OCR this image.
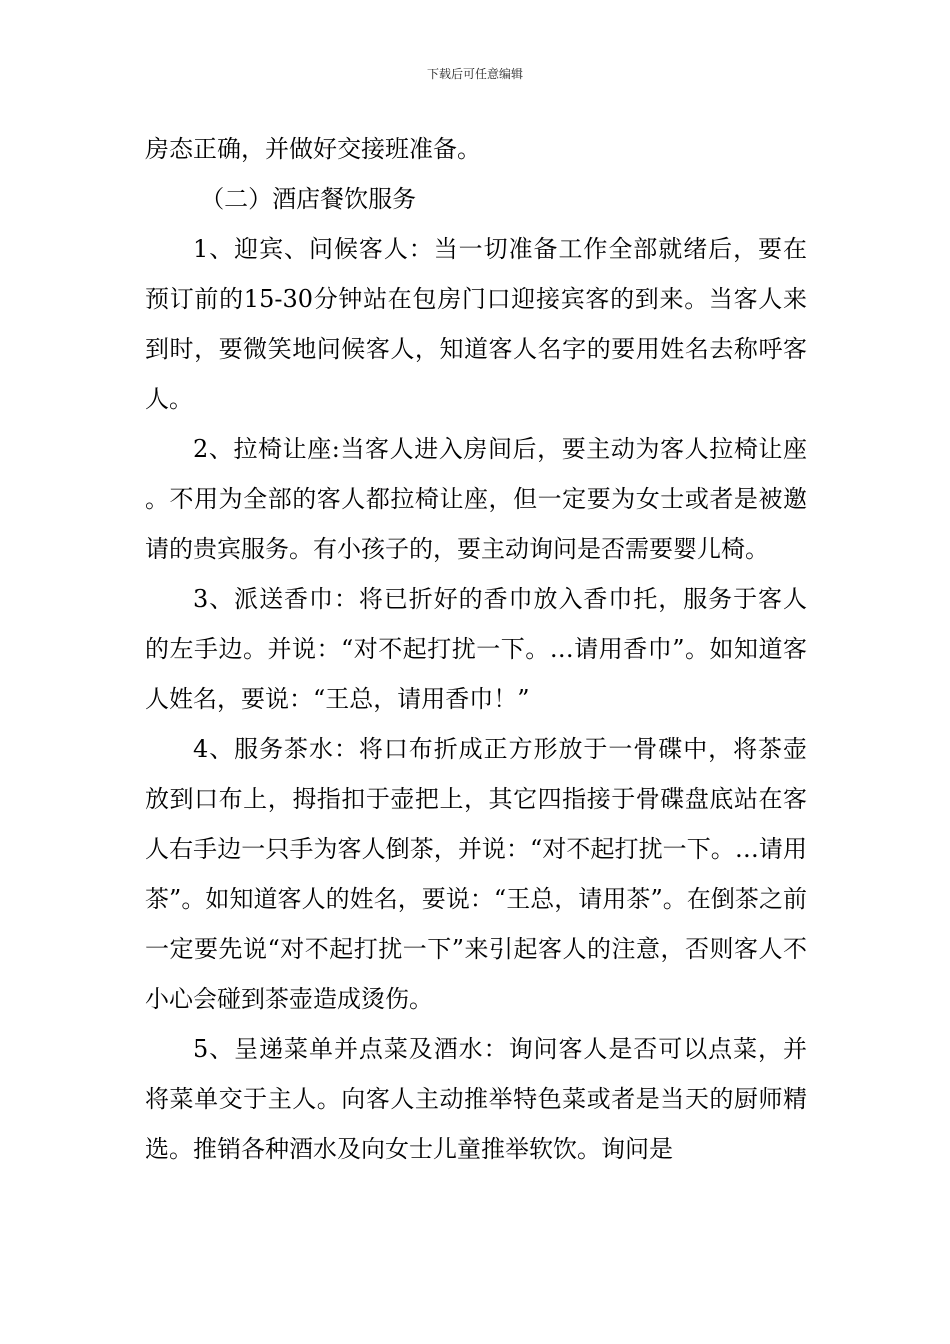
下载后可任意编辑

房态正确，并做好交接班准备。

（二）酒店餐饮服务

1、迎宾、问候客人：当一切准备工作全部就绪后，要在预订前的15-30分钟站在包房门口迎接宾客的到来。当客人来到时，要微笑地问候客人，知道客人名字的要用姓名去称呼客人。

2、拉椅让座:当客人进入房间后，要主动为客人拉椅让座。不用为全部的客人都拉椅让座，但一定要为女士或者是被邀请的贵宾服务。有小孩子的，要主动询问是否需要婴儿椅。

3、派送香巾：将已折好的香巾放入香巾托，服务于客人的左手边。并说：“对不起打扰一下。…请用香巾”。如知道客人姓名，要说：“王总，请用香巾！”

4、服务茶水：将口布折成正方形放于一骨碟中，将茶壶放到口布上，拇指扣于壶把上，其它四指接于骨碟盘底站在客人右手边一只手为客人倒茶，并说：“对不起打扰一下。…请用茶”。如知道客人的姓名，要说：“王总，请用茶”。在倒茶之前一定要先说“对不起打扰一下”来引起客人的注意，否则客人不小心会碰到茶壶造成烫伤。

5、呈递菜单并点菜及酒水：询问客人是否可以点菜，并将菜单交于主人。向客人主动推举特色菜或者是当天的厨师精选。推销各种酒水及向女士儿童推举软饮。询问是
